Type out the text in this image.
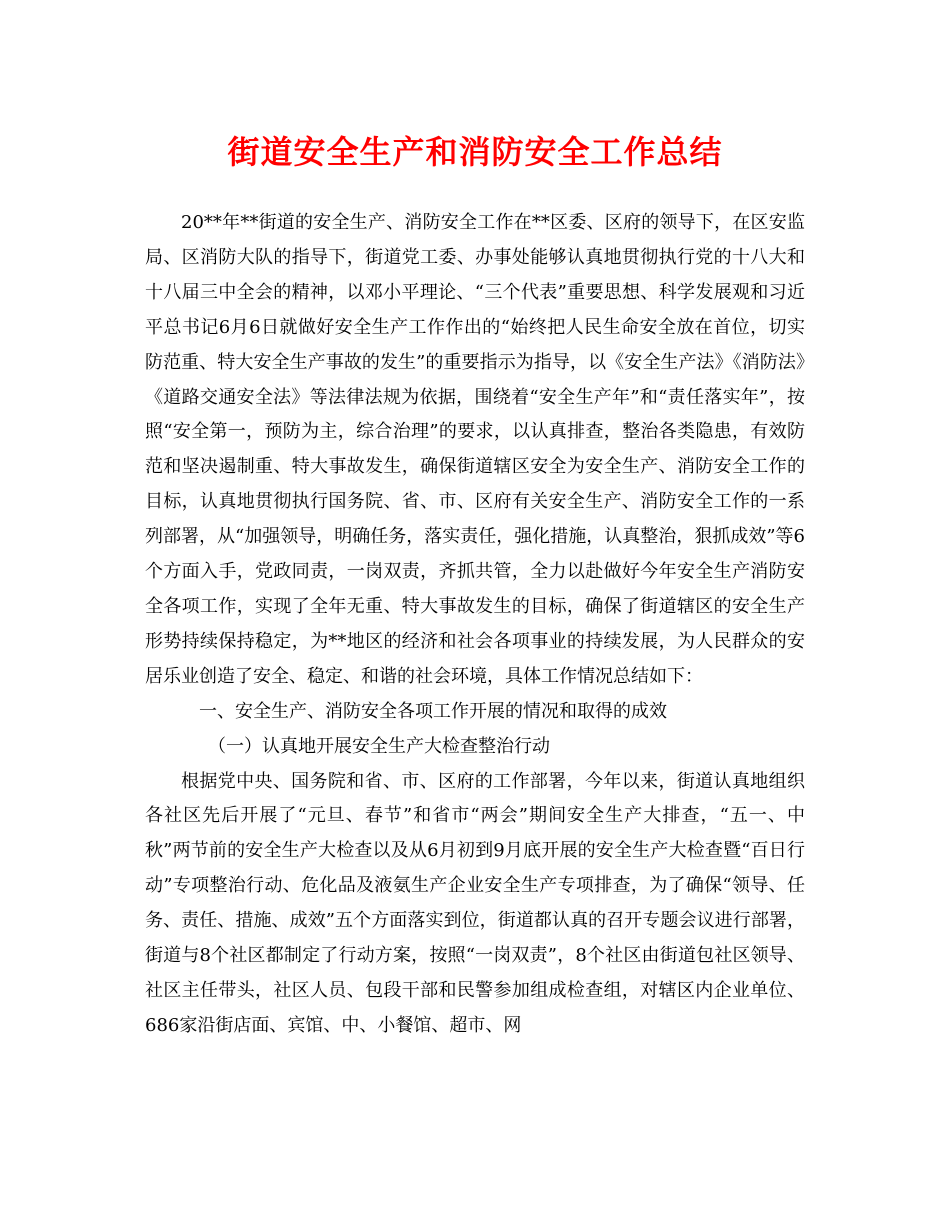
街道安全生产和消防安全工作总结

20**年**街道的安全生产、消防安全工作在**区委、区府的领导下，在区安监局、区消防大队的指导下，街道党工委、办事处能够认真地贯彻执行党的十八大和十八届三中全会的精神，以邓小平理论、“三个代表”重要思想、科学发展观和习近平总书记6月6日就做好安全生产工作作出的“始终把人民生命安全放在首位，切实防范重、特大安全生产事故的发生”的重要指示为指导，以《安全生产法》《消防法》《道路交通安全法》等法律法规为依据，围绕着“安全生产年”和“责任落实年”，按照“安全第一，预防为主，综合治理”的要求，以认真排查，整治各类隐患，有效防范和坚决遏制重、特大事故发生，确保街道辖区安全为安全生产、消防安全工作的目标，认真地贯彻执行国务院、省、市、区府有关安全生产、消防安全工作的一系列部署，从“加强领导，明确任务，落实责任，强化措施，认真整治，狠抓成效”等6个方面入手，党政同责，一岗双责，齐抓共管，全力以赴做好今年安全生产消防安全各项工作，实现了全年无重、特大事故发生的目标，确保了街道辖区的安全生产形势持续保持稳定，为**地区的经济和社会各项事业的持续发展，为人民群众的安居乐业创造了安全、稳定、和谐的社会环境，具体工作情况总结如下：

一、安全生产、消防安全各项工作开展的情况和取得的成效

（一）认真地开展安全生产大检查整治行动

根据党中央、国务院和省、市、区府的工作部署，今年以来，街道认真地组织各社区先后开展了“元旦、春节”和省市“两会”期间安全生产大排查，“五一、中秋”两节前的安全生产大检查以及从6月初到9月底开展的安全生产大检查暨“百日行动”专项整治行动、危化品及液氨生产企业安全生产专项排查，为了确保“领导、任务、责任、措施、成效”五个方面落实到位，街道都认真的召开专题会议进行部署，街道与8个社区都制定了行动方案，按照“一岗双责”，8个社区由街道包社区领导、社区主任带头，社区人员、包段干部和民警参加组成检查组，对辖区内企业单位、686家沿街店面、宾馆、中、小餐馆、超市、网
